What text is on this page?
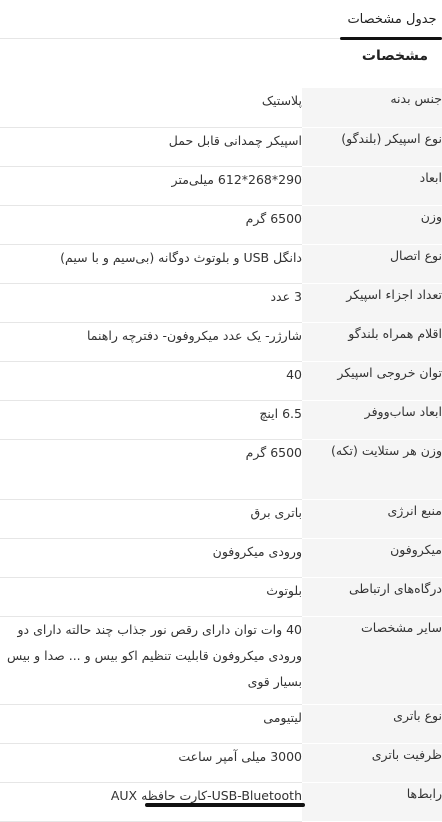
جدول مشخصات
مشخصات
جنس بدنه	پلاستیک
نوع اسپیکر (بلندگو)	اسپیکر چمدانی قابل حمل
ابعاد	290*268*612 میلی‌متر
وزن	6500 گرم
نوع اتصال	دانگل USB و بلوتوث دوگانه (بی‌سیم و با سیم)
تعداد اجزاء اسپیکر	3 عدد
اقلام همراه بلندگو	شارژر- یک عدد میکروفون- دفترچه راهنما
توان خروجی اسپیکر	40
ابعاد ساب‌ووفر	6.5 اینچ
وزن هر ستلایت (تکه)	6500 گرم
منبع انرژی	باتری برق
میکروفون	ورودی میکروفون
درگاه‌های ارتباطی	بلوتوث
سایر مشخصات	40 وات توان دارای رقص نور جذاب چند حالته دارای دو ورودی میکروفون قابلیت تنظیم اکو بیس و ... صدا و بیس بسیار قوی
نوع باتری	لیتیومی
ظرفیت باتری	3000 میلی آمپر ساعت
رابط‌ها	USB-Bluetooth-کارت حافظه AUX
